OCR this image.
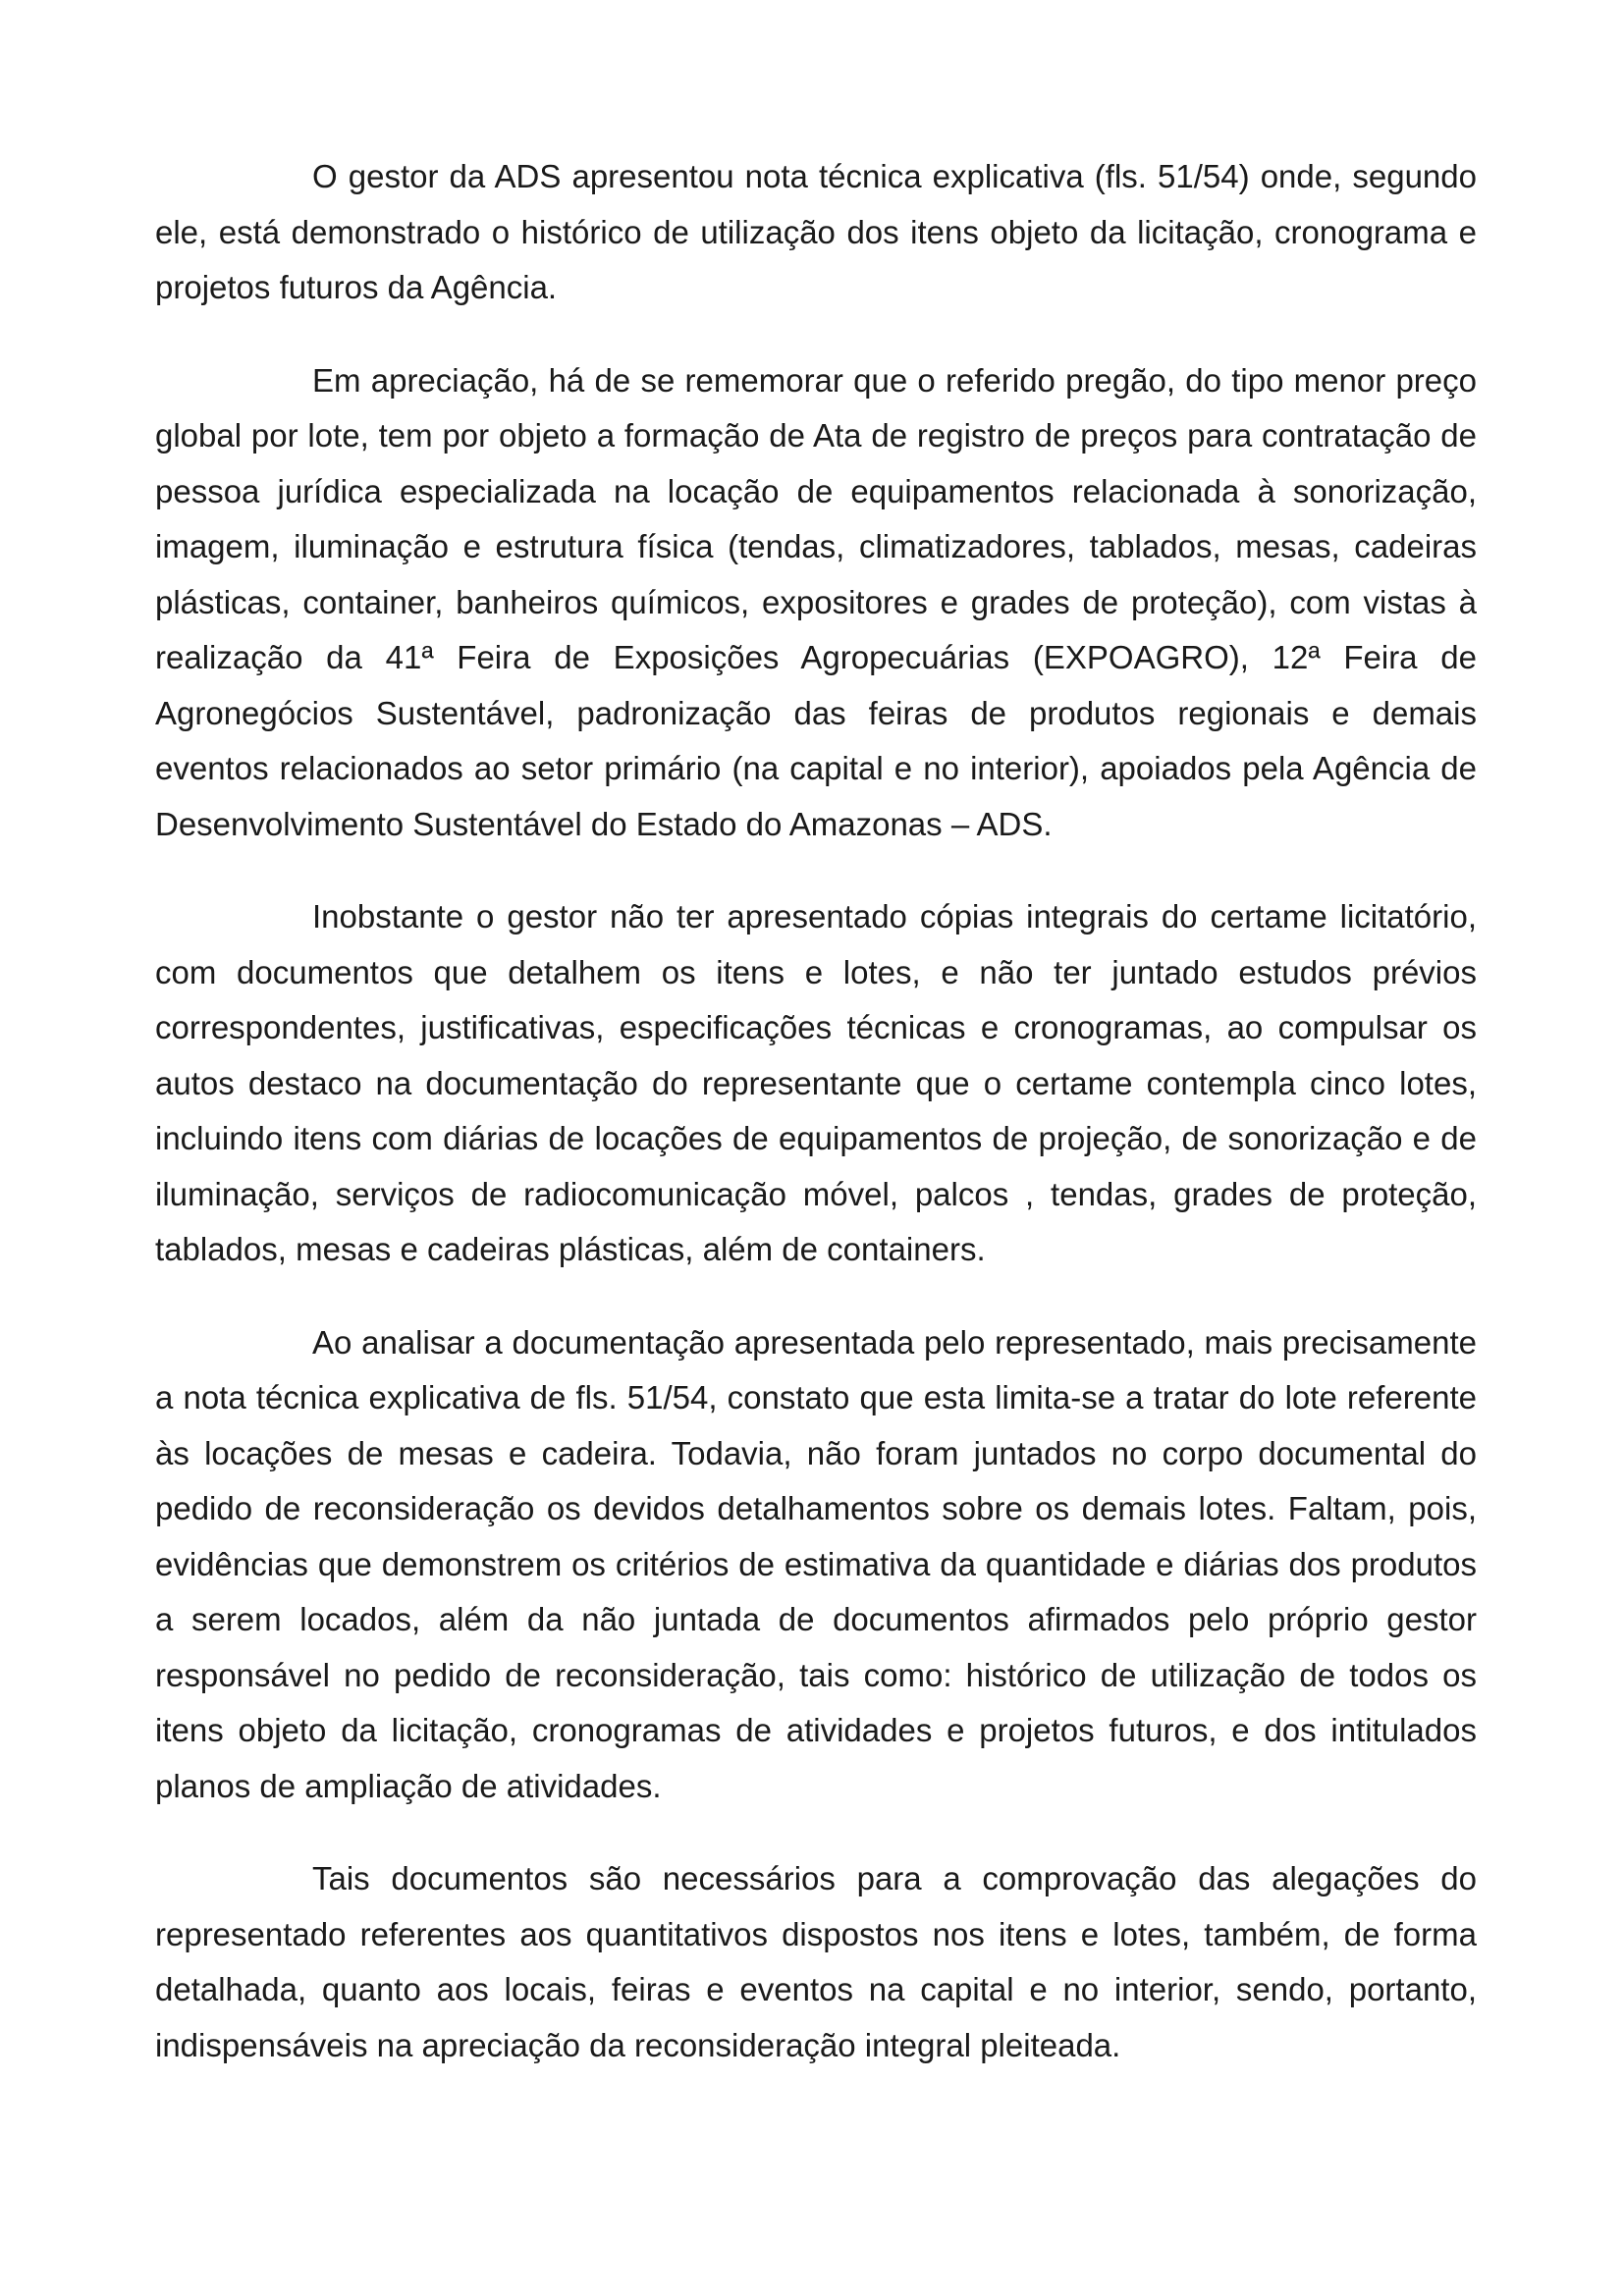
O gestor da ADS apresentou nota técnica explicativa (fls. 51/54) onde, segundo ele, está demonstrado o histórico de utilização dos itens objeto da licitação, cronograma e projetos futuros da Agência.

Em apreciação, há de se rememorar que o referido pregão, do tipo menor preço global por lote, tem por objeto a formação de Ata de registro de preços para contratação de pessoa jurídica especializada na locação de equipamentos relacionada à sonorização, imagem, iluminação e estrutura física (tendas, climatizadores, tablados, mesas, cadeiras plásticas, container, banheiros químicos, expositores e grades de proteção), com vistas à realização da 41ª Feira de Exposições Agropecuárias (EXPOAGRO), 12ª Feira de Agronegócios Sustentável, padronização das feiras de produtos regionais e demais eventos relacionados ao setor primário (na capital e no interior), apoiados pela Agência de Desenvolvimento Sustentável do Estado do Amazonas – ADS.

Inobstante o gestor não ter apresentado cópias integrais do certame licitatório, com documentos que detalhem os itens e lotes, e não ter juntado estudos prévios correspondentes, justificativas, especificações técnicas e cronogramas, ao compulsar os autos destaco na documentação do representante que o certame contempla cinco lotes, incluindo itens com diárias de locações de equipamentos de projeção, de sonorização e de iluminação, serviços de radiocomunicação móvel, palcos , tendas, grades de proteção, tablados, mesas e cadeiras plásticas, além de containers.

Ao analisar a documentação apresentada pelo representado, mais precisamente a nota técnica explicativa de fls. 51/54, constato que esta limita-se a tratar do lote referente às locações de mesas e cadeira. Todavia, não foram juntados no corpo documental do pedido de reconsideração os devidos detalhamentos sobre os demais lotes. Faltam, pois, evidências que demonstrem os critérios de estimativa da quantidade e diárias dos produtos a serem locados, além da não juntada de documentos afirmados pelo próprio gestor responsável no pedido de reconsideração, tais como: histórico de utilização de todos os itens objeto da licitação, cronogramas de atividades e projetos futuros, e dos intitulados planos de ampliação de atividades.

Tais documentos são necessários para a comprovação das alegações do representado referentes aos quantitativos dispostos nos itens e lotes, também, de forma detalhada, quanto aos locais, feiras e eventos na capital e no interior, sendo, portanto, indispensáveis na apreciação da reconsideração integral pleiteada.
